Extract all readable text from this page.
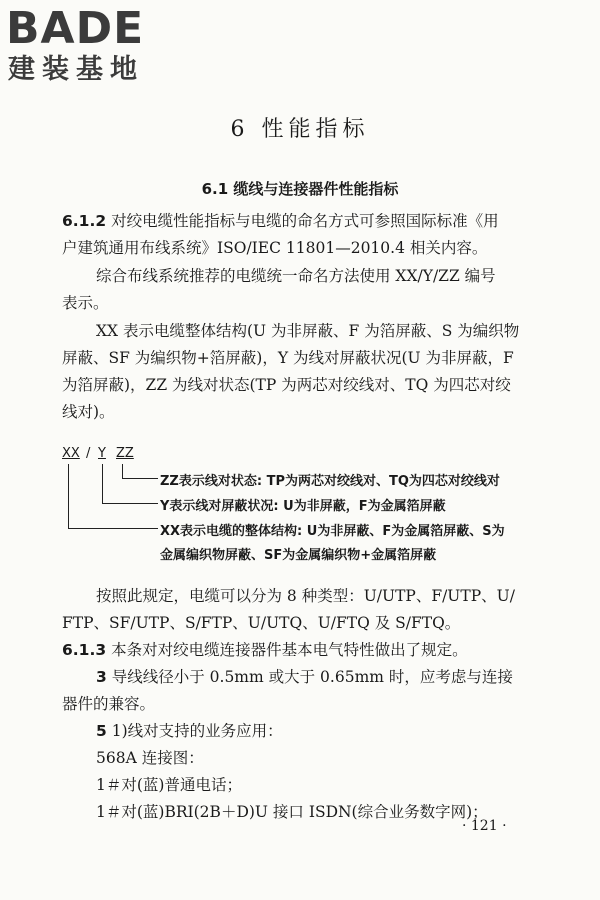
BADE
建装基地
6 性能指标
6.1 缆线与连接器件性能指标
6.1.2 对绞电缆性能指标与电缆的命名方式可参照国际标准《用
户建筑通用布线系统》ISO/IEC 11801—2010.4 相关内容。
综合布线系统推荐的电缆统一命名方法使用 XX/Y/ZZ 编号
表示。
XX 表示电缆整体结构(U 为非屏蔽、F 为箔屏蔽、S 为编织物
屏蔽、SF 为编织物+箔屏蔽)，Y 为线对屏蔽状况(U 为非屏蔽，F
为箔屏蔽)，ZZ 为线对状态(TP 为两芯对绞线对、TQ 为四芯对绞
线对)。
XX / Y ZZ
ZZ表示线对状态: TP为两芯对绞线对、TQ为四芯对绞线对
Y表示线对屏蔽状况: U为非屏蔽，F为金属箔屏蔽
XX表示电缆的整体结构: U为非屏蔽、F为金属箔屏蔽、S为
金属编织物屏蔽、SF为金属编织物+金属箔屏蔽
按照此规定，电缆可以分为 8 种类型：U/UTP、F/UTP、U/
FTP、SF/UTP、S/FTP、U/UTQ、U/FTQ 及 S/FTQ。
6.1.3 本条对对绞电缆连接器件基本电气特性做出了规定。
3 导线线径小于 0.5mm 或大于 0.65mm 时，应考虑与连接
器件的兼容。
5 1)线对支持的业务应用：
568A 连接图：
1＃对(蓝)普通电话；
1＃对(蓝)BRI(2B＋D)U 接口 ISDN(综合业务数字网)；
· 121 ·
